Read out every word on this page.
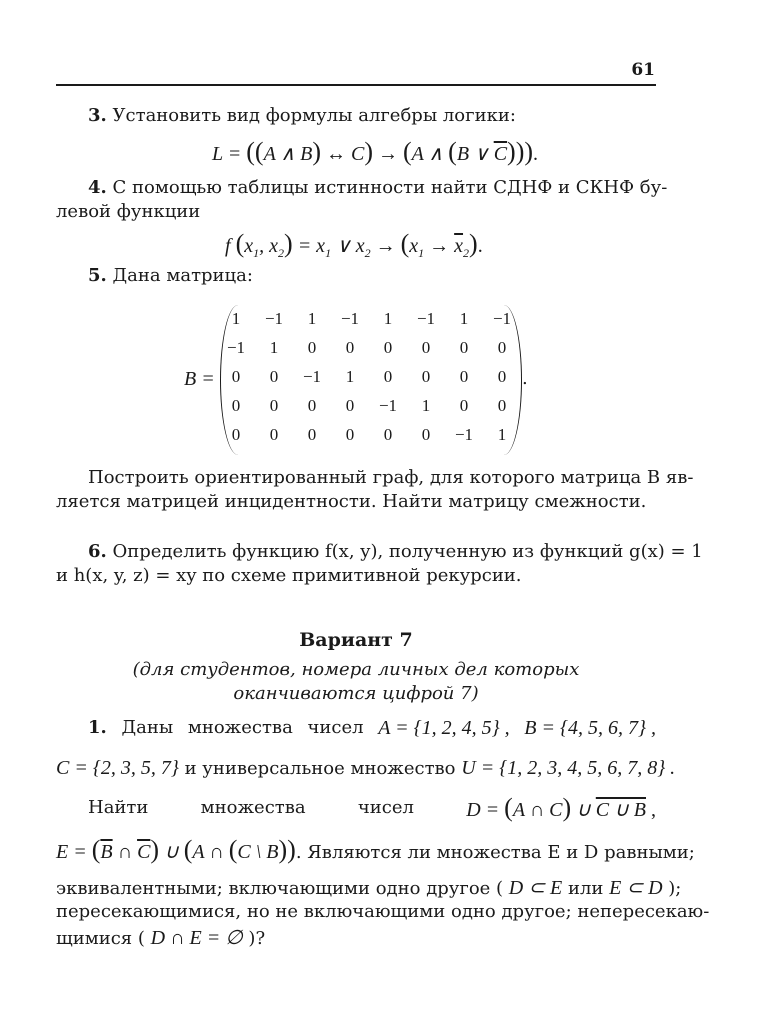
61
3. Установить вид формулы алгебры логики:
L = ((A ∧ B) ↔ C) → (A ∧ (B ∨ $\overline{C}$))).
4. С помощью таблицы истинности найти СДНФ и СКНФ бу-
левой функции
f ($x_1$, $x_2) = x_1$ ∨ $x_2 \to (x_1 \to \overline{x}_2)$.
5. Дана матрица:
B =
1	−1	1	−1	1	−1	1	−1
−1	1	0	0	0	0	0	0
0	0	−1	1	0	0	0	0
0	0	0	0	−1	1	0	0
0	0	0	0	0	0	−1	1
.
Построить ориентированный граф, для которого матрица B яв-
ляется матрицей инцидентности. Найти матрицу смежности.
6. Определить функцию f(x, y), полученную из функций g(x) = 1
и h(x, y, z) = xy по схеме примитивной рекурсии.
Вариант 7
(для студентов, номера личных дел которых
оканчиваются цифрой 7)
1. Даны множества чисел A = {1, 2, 4, 5} , B = {4, 5, 6, 7} ,
C = {2, 3, 5, 7} и универсальное множество U = {1, 2, 3, 4, 5, 6, 7, 8} .
Найти	множества	чисел	D = (A ∩ C) ∪ C ∪ B ,
$E = (\overline{B}$ ∩ $\overline{C}$) ∪ (A ∩ (C \ B)). Являются ли множества E и D равными;
эквивалентными; включающими одно другое ( D ⊂ E или E ⊂ D );
пересекающимися, но не включающими одно другое; непересекаю-
щимися ( D ∩ E = ∅ )?
